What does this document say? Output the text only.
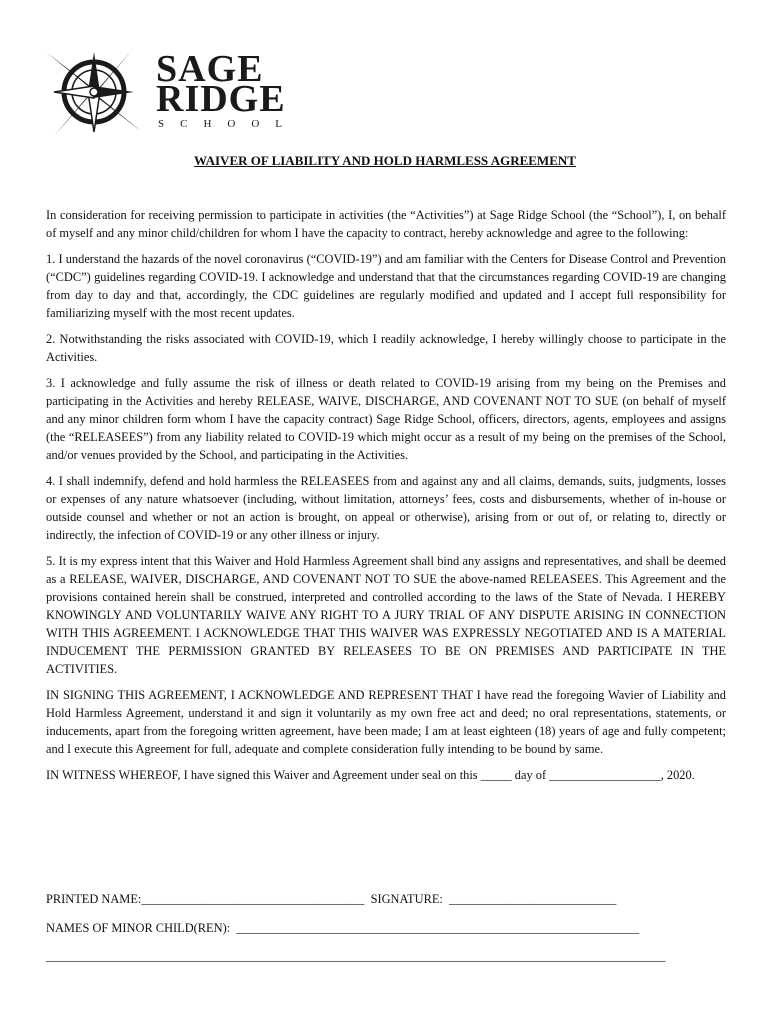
SAGE
RIDGE
SCHOOL
WAIVER OF LIABILITY AND HOLD HARMLESS AGREEMENT

In consideration for receiving permission to participate in activities (the “Activities”) at Sage Ridge School (the “School”), I, on behalf of myself and any minor child/children for whom I have the capacity to contract, hereby acknowledge and agree to the following:

1. I understand the hazards of the novel coronavirus (“COVID-19”) and am familiar with the Centers for Disease Control and Prevention (“CDC”) guidelines regarding COVID-19. I acknowledge and understand that that the circumstances regarding COVID-19 are changing from day to day and that, accordingly, the CDC guidelines are regularly modified and updated and I accept full responsibility for familiarizing myself with the most recent updates.

2. Notwithstanding the risks associated with COVID-19, which I readily acknowledge, I hereby willingly choose to participate in the Activities.

3. I acknowledge and fully assume the risk of illness or death related to COVID-19 arising from my being on the Premises and participating in the Activities and hereby RELEASE, WAIVE, DISCHARGE, AND COVENANT NOT TO SUE (on behalf of myself and any minor children form whom I have the capacity contract) Sage Ridge School, officers, directors, agents, employees and assigns (the “RELEASEES”) from any liability related to COVID-19 which might occur as a result of my being on the premises of the School, and/or venues provided by the School, and participating in the Activities.

4. I shall indemnify, defend and hold harmless the RELEASEES from and against any and all claims, demands, suits, judgments, losses or expenses of any nature whatsoever (including, without limitation, attorneys’ fees, costs and disbursements, whether of in-house or outside counsel and whether or not an action is brought, on appeal or otherwise), arising from or out of, or relating to, directly or indirectly, the infection of COVID-19 or any other illness or injury.

5. It is my express intent that this Waiver and Hold Harmless Agreement shall bind any assigns and representatives, and shall be deemed as a RELEASE, WAIVER, DISCHARGE, AND COVENANT NOT TO SUE the above-named RELEASEES. This Agreement and the provisions contained herein shall be construed, interpreted and controlled according to the laws of the State of Nevada. I HEREBY KNOWINGLY AND VOLUNTARILY WAIVE ANY RIGHT TO A JURY TRIAL OF ANY DISPUTE ARISING IN CONNECTION WITH THIS AGREEMENT. I ACKNOWLEDGE THAT THIS WAIVER WAS EXPRESSLY NEGOTIATED AND IS A MATERIAL INDUCEMENT THE PERMISSION GRANTED BY RELEASEES TO BE ON PREMISES AND PARTICIPATE IN THE ACTIVITIES.

IN SIGNING THIS AGREEMENT, I ACKNOWLEDGE AND REPRESENT THAT I have read the foregoing Wavier of Liability and Hold Harmless Agreement, understand it and sign it voluntarily as my own free act and deed; no oral representations, statements, or inducements, apart from the foregoing written agreement, have been made; I am at least eighteen (18) years of age and fully competent; and I execute this Agreement for full, adequate and complete consideration fully intending to be bound by same.

IN WITNESS WHEREOF, I have signed this Waiver and Agreement under seal on this _____ day of __________________, 2020.

PRINTED NAME:____________________________________  SIGNATURE:  ___________________________
NAMES OF MINOR CHILD(REN):  _________________________________________________________________
____________________________________________________________________________________________________
